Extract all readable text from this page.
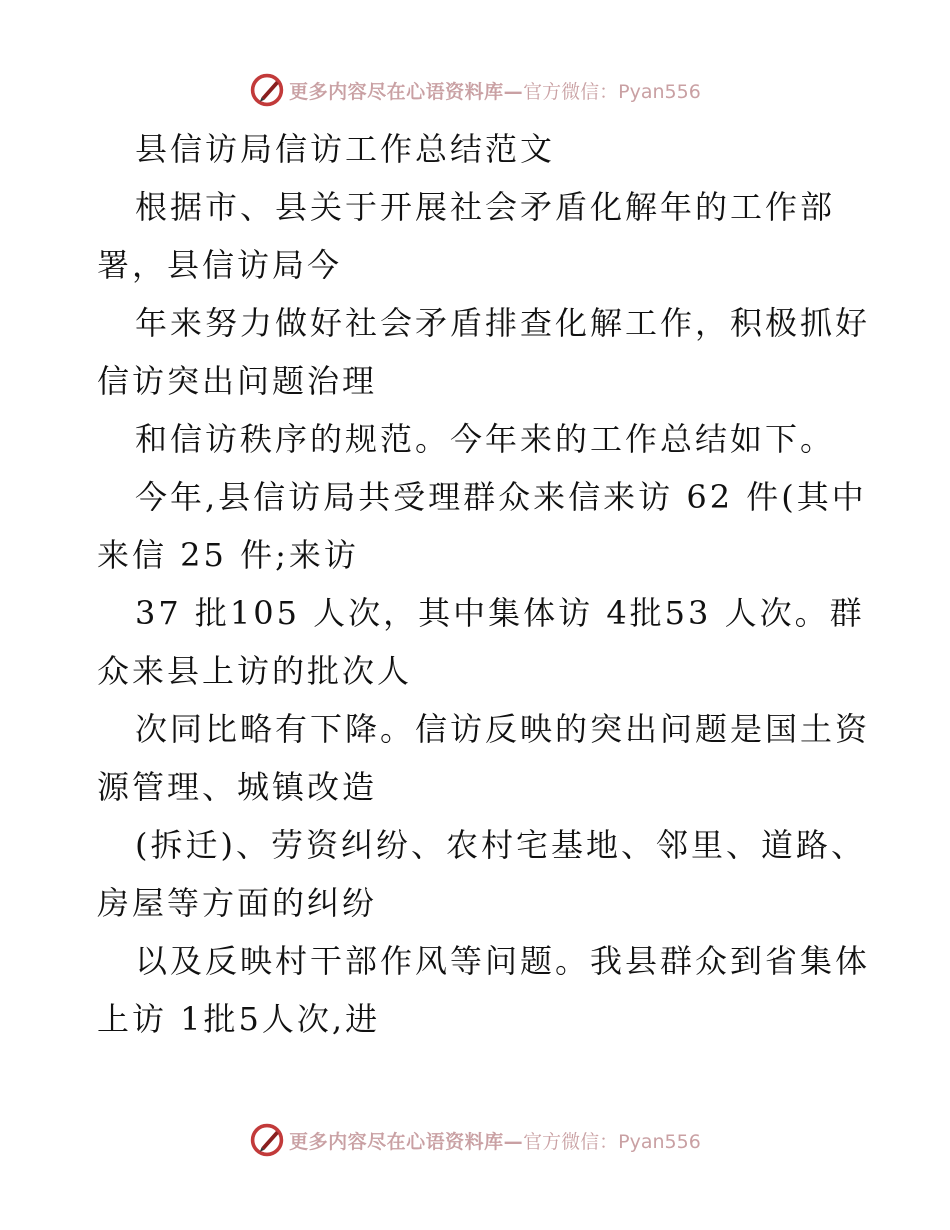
更多内容尽在心语资料库— 官方微信：Pyan556
县信访局信访工作总结范文
根据市、县关于开展社会矛盾化解年的工作部
署，县信访局今
年来努力做好社会矛盾排查化解工作，积极抓好
信访突出问题治理
和信访秩序的规范。今年来的工作总结如下。
今年,县信访局共受理群众来信来访 62 件(其中
来信 25 件;来访
37 批105 人次，其中集体访 4批53 人次。群
众来县上访的批次人
次同比略有下降。信访反映的突出问题是国土资
源管理、城镇改造
(拆迁)、劳资纠纷、农村宅基地、邻里、道路、
房屋等方面的纠纷
以及反映村干部作风等问题。我县群众到省集体
上访 1批5人次,进
更多内容尽在心语资料库— 官方微信：Pyan556
